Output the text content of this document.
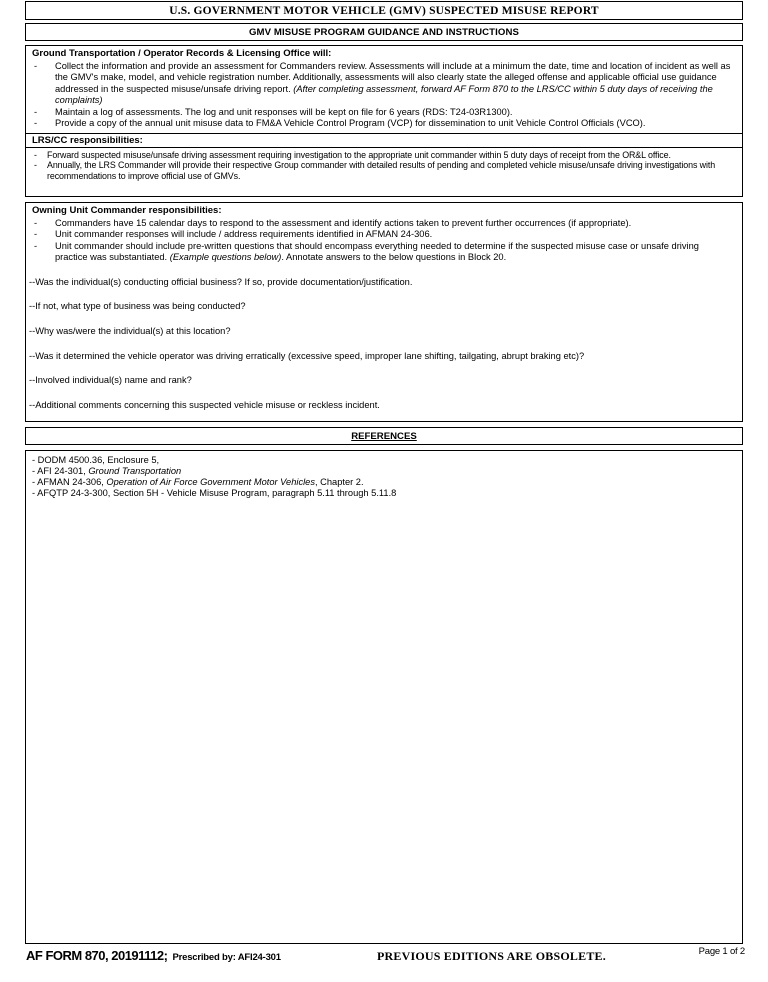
U.S. GOVERNMENT MOTOR VEHICLE (GMV) SUSPECTED MISUSE REPORT
GMV MISUSE PROGRAM GUIDANCE AND INSTRUCTIONS
Ground Transportation / Operator Records & Licensing Office will:
-	Collect the information and provide an assessment for Commanders review. Assessments will include at a minimum the date, time and location of incident as well as the GMV's make, model, and vehicle registration number. Additionally, assessments will also clearly state the alleged offense and applicable official use guidance addressed in the suspected misuse/unsafe driving report. (After completing assessment, forward AF Form 870 to the LRS/CC within 5 duty days of receiving the complaints)
-	Maintain a log of assessments. The log and unit responses will be kept on file for 6 years (RDS: T24-03R1300).
-	Provide a copy of the annual unit misuse data to FM&A Vehicle Control Program (VCP) for dissemination to unit Vehicle Control Officials (VCO).
LRS/CC responsibilities:
-	Forward suspected misuse/unsafe driving assessment requiring investigation to the appropriate unit commander within 5 duty days of receipt from the OR&L office.
-	Annually, the LRS Commander will provide their respective Group commander with detailed results of pending and completed vehicle misuse/unsafe driving investigations with recommendations to improve official use of GMVs.
Owning Unit Commander responsibilities:
-	Commanders have 15 calendar days to respond to the assessment and identify actions taken to prevent further occurrences (if appropriate).
-	Unit commander responses will include / address requirements identified in AFMAN 24-306.
-	Unit commander should include pre-written questions that should encompass everything needed to determine if the suspected misuse case or unsafe driving practice was substantiated. (Example questions below). Annotate answers to the below questions in Block 20.
--Was the individual(s) conducting official business? If so, provide documentation/justification.
--If not, what type of business was being conducted?
--Why was/were the individual(s) at this location?
--Was it determined the vehicle operator was driving erratically (excessive speed, improper lane shifting, tailgating, abrupt braking etc)?
--Involved individual(s) name and rank?
--Additional comments concerning this suspected vehicle misuse or reckless incident.
REFERENCES
- DODM 4500.36, Enclosure 5,
- AFI 24-301, Ground Transportation
- AFMAN 24-306, Operation of Air Force Government Motor Vehicles, Chapter 2.
- AFQTP 24-3-300, Section 5H - Vehicle Misuse Program, paragraph 5.11 through 5.11.8
AF FORM 870, 20191112; Prescribed by: AFI24-301	PREVIOUS EDITIONS ARE OBSOLETE.	Page 1 of 2
